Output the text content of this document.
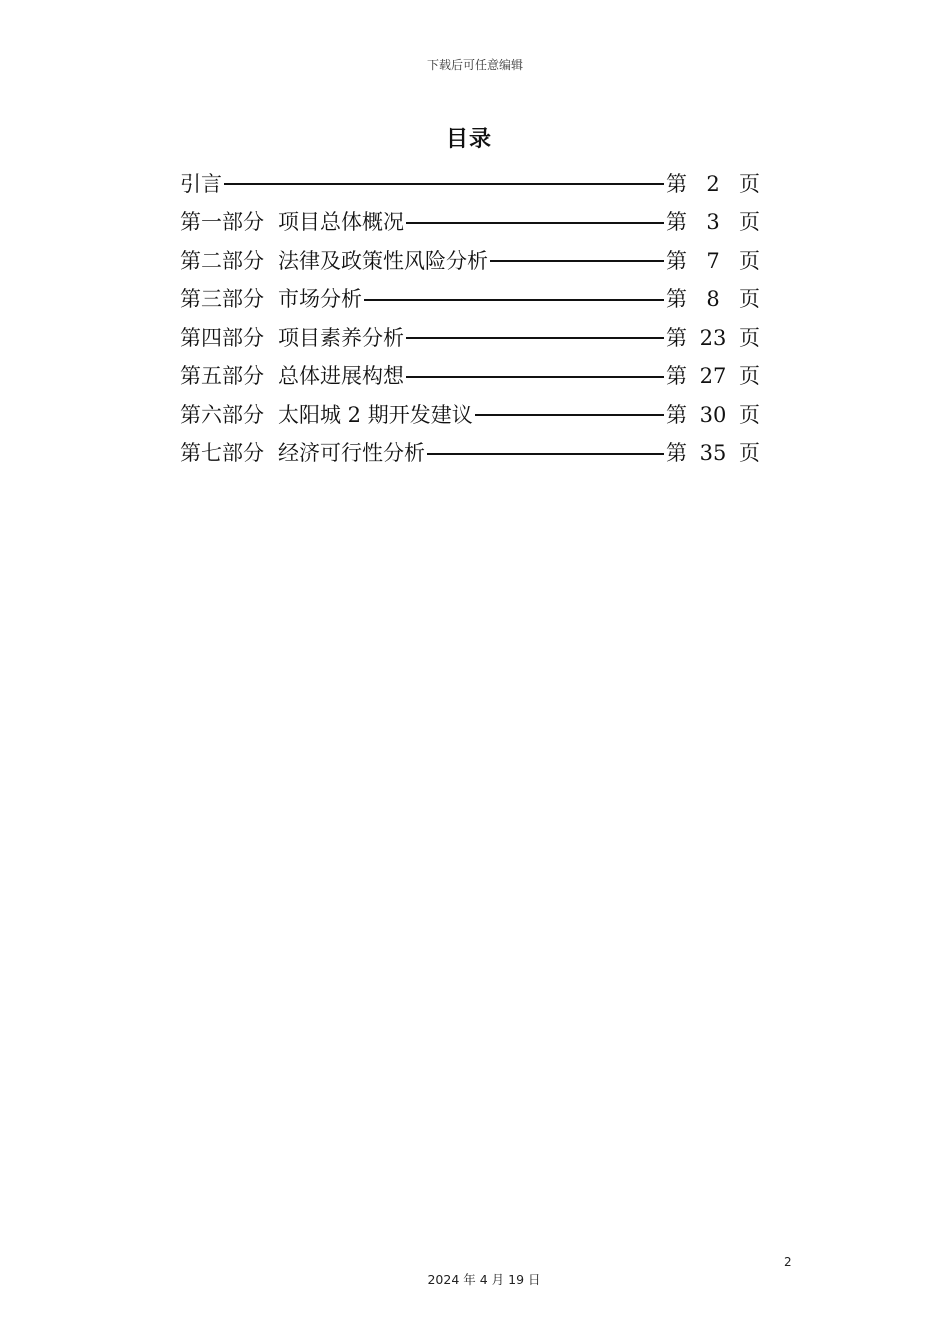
下载后可任意编辑
目录
引言	第 2 页
第一部分 项目总体概况	第 3 页
第二部分 法律及政策性风险分析	第 7 页
第三部分 市场分析	第 8 页
第四部分 项目素养分析	第 23 页
第五部分 总体进展构想	第 27 页
第六部分 太阳城 2 期开发建议	第 30 页
第七部分 经济可行性分析	第 35 页
2
2024 年 4 月 19 日
